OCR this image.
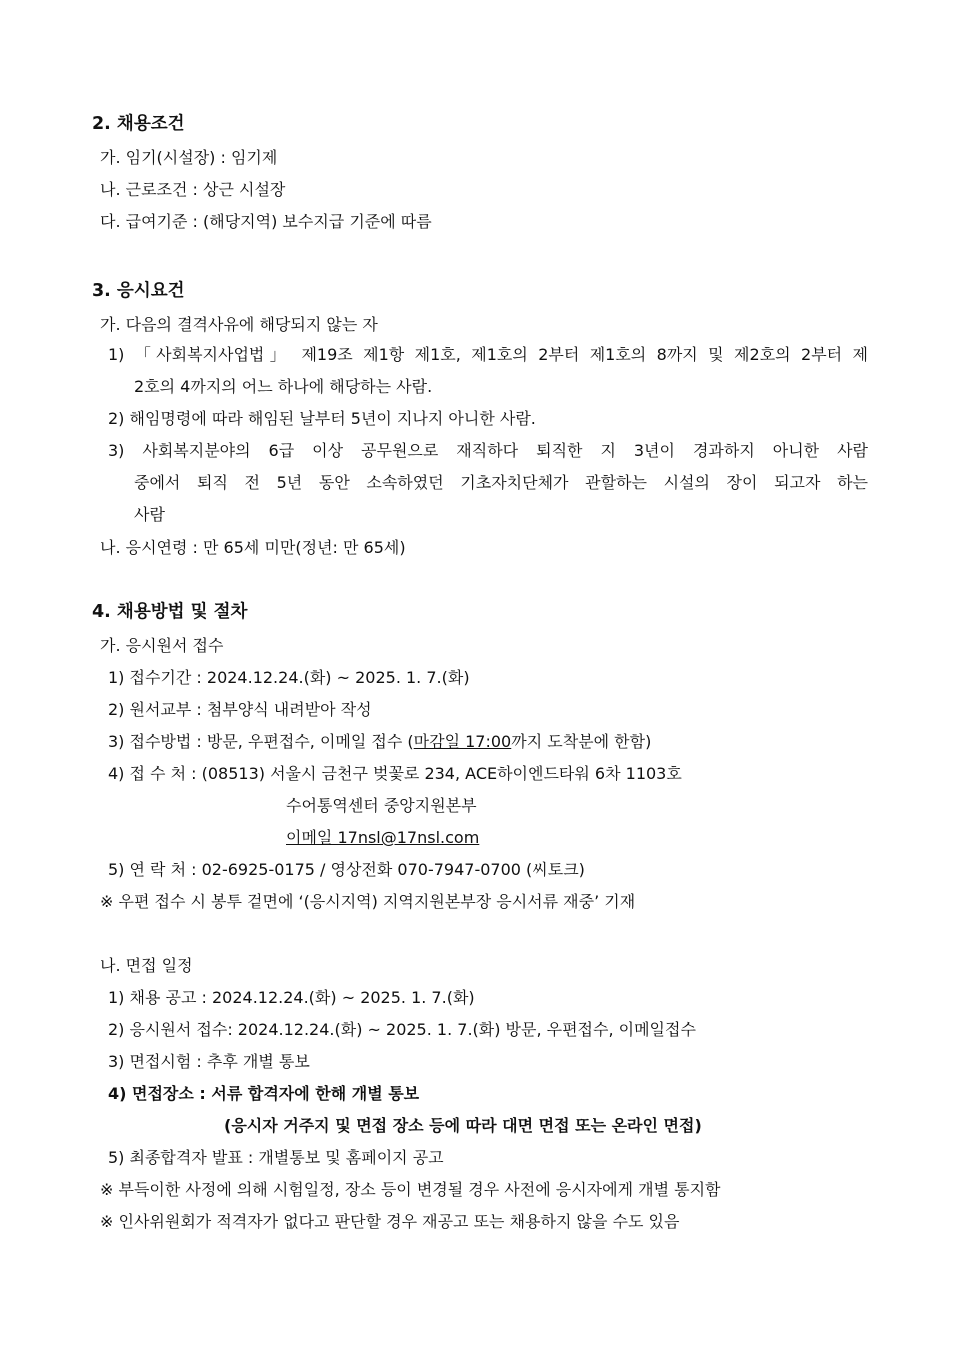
2. 채용조건
가. 임기(시설장) : 임기제
나. 근로조건 : 상근 시설장
다. 급여기준 : (해당지역) 보수지급 기준에 따름
3. 응시요건
가. 다음의 결격사유에 해당되지 않는 자
1) 「사회복지사업법」 제19조 제1항 제1호, 제1호의 2부터 제1호의 8까지 및 제2호의 2부터 제
2호의 4까지의 어느 하나에 해당하는 사람.
2) 해임명령에 따라 해임된 날부터 5년이 지나지 아니한 사람.
3) 사회복지분야의 6급 이상 공무원으로 재직하다 퇴직한 지 3년이 경과하지 아니한 사람
중에서 퇴직 전 5년 동안 소속하였던 기초자치단체가 관할하는 시설의 장이 되고자 하는
사람
나. 응시연령 : 만 65세 미만(정년: 만 65세)
4. 채용방법 및 절차
가. 응시원서 접수
1) 접수기간 : 2024.12.24.(화) ~ 2025. 1. 7.(화)
2) 원서교부 : 첨부양식 내려받아 작성
3) 접수방법 : 방문, 우편접수, 이메일 접수 (마감일 17:00까지 도착분에 한함)
4) 접 수 처 : (08513) 서울시 금천구 벚꽃로 234, ACE하이엔드타워 6차 1103호
수어통역센터 중앙지원본부
이메일 17nsl@17nsl.com
5) 연 락 처 : 02-6925-0175 / 영상전화 070-7947-0700 (씨토크)
※ 우편 접수 시 봉투 겉면에 ‘(응시지역) 지역지원본부장 응시서류 재중’ 기재
나. 면접 일정
1) 채용 공고 : 2024.12.24.(화) ~ 2025. 1. 7.(화)
2) 응시원서 접수: 2024.12.24.(화) ~ 2025. 1. 7.(화) 방문, 우편접수, 이메일접수
3) 면접시험 : 추후 개별 통보
4) 면접장소 : 서류 합격자에 한해 개별 통보
(응시자 거주지 및 면접 장소 등에 따라 대면 면접 또는 온라인 면접)
5) 최종합격자 발표 : 개별통보 및 홈페이지 공고
※ 부득이한 사정에 의해 시험일정, 장소 등이 변경될 경우 사전에 응시자에게 개별 통지함
※ 인사위원회가 적격자가 없다고 판단할 경우 재공고 또는 채용하지 않을 수도 있음
